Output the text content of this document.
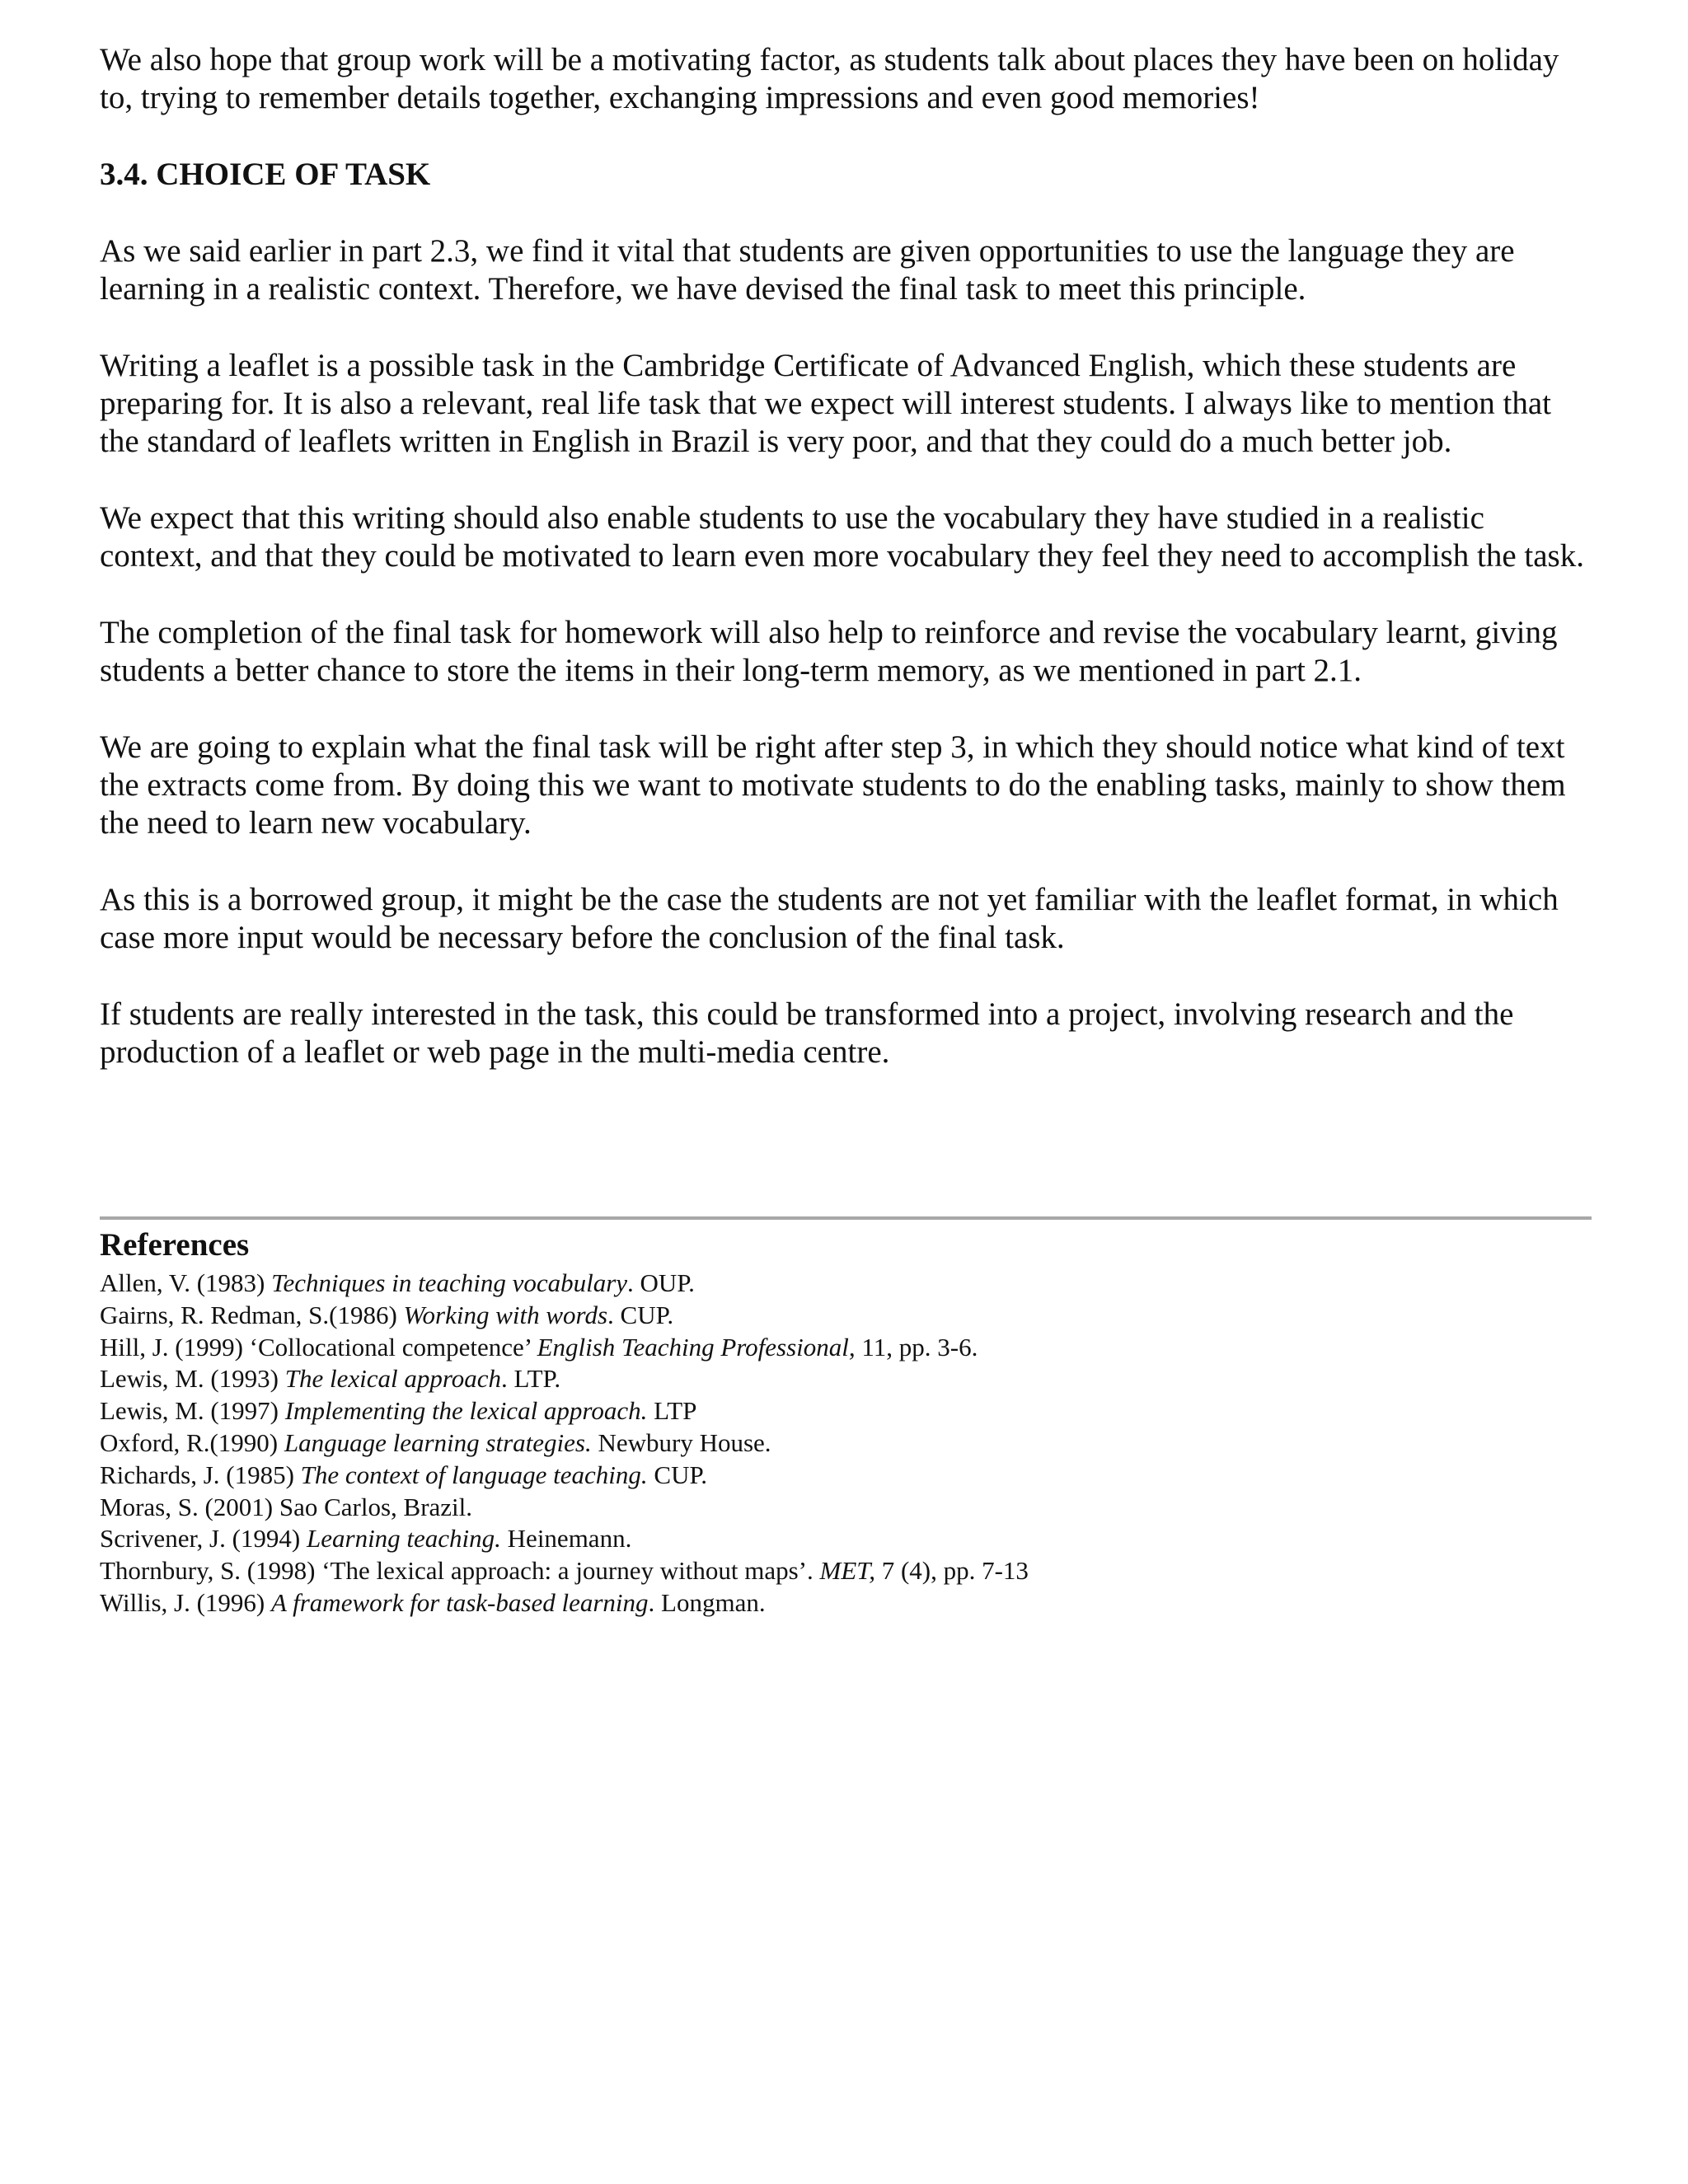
We also hope that group work will be a motivating factor, as students talk about places they have been on holiday to, trying to remember details together, exchanging impressions and even good memories!

3.4. CHOICE OF TASK

As we said earlier in part 2.3, we find it vital that students are given opportunities to use the language they are learning in a realistic context. Therefore, we have devised the final task to meet this principle.

Writing a leaflet is a possible task in the Cambridge Certificate of Advanced English, which these students are preparing for. It is also a relevant, real life task that we expect will interest students. I always like to mention that the standard of leaflets written in English in Brazil is very poor, and that they could do a much better job.

We expect that this writing should also enable students to use the vocabulary they have studied in a realistic context, and that they could be motivated to learn even more vocabulary they feel they need to accomplish the task.

The completion of the final task for homework will also help to reinforce and revise the vocabulary learnt, giving students a better chance to store the items in their long-term memory, as we mentioned in part 2.1.

We are going to explain what the final task will be right after step 3, in which they should notice what kind of text the extracts come from. By doing this we want to motivate students to do the enabling tasks, mainly to show them the need to learn new vocabulary.

As this is a borrowed group, it might be the case the students are not yet familiar with the leaflet format, in which case more input would be necessary before the conclusion of the final task.

If students are really interested in the task, this could be transformed into a project, involving research and the production of a leaflet or web page in the multi-media centre.

References

Allen, V. (1983) Techniques in teaching vocabulary. OUP.

Gairns, R. Redman, S.(1986) Working with words. CUP.

Hill, J. (1999) ‘Collocational competence’ English Teaching Professional, 11, pp. 3-6.

Lewis, M. (1993) The lexical approach. LTP.

Lewis, M. (1997) Implementing the lexical approach. LTP

Oxford, R.(1990) Language learning strategies. Newbury House.

Richards, J. (1985) The context of language teaching. CUP.

Moras, S. (2001) Sao Carlos, Brazil.

Scrivener, J. (1994) Learning teaching. Heinemann.

Thornbury, S. (1998) ‘The lexical approach: a journey without maps’. MET, 7 (4), pp. 7-13

Willis, J. (1996) A framework for task-based learning. Longman.
